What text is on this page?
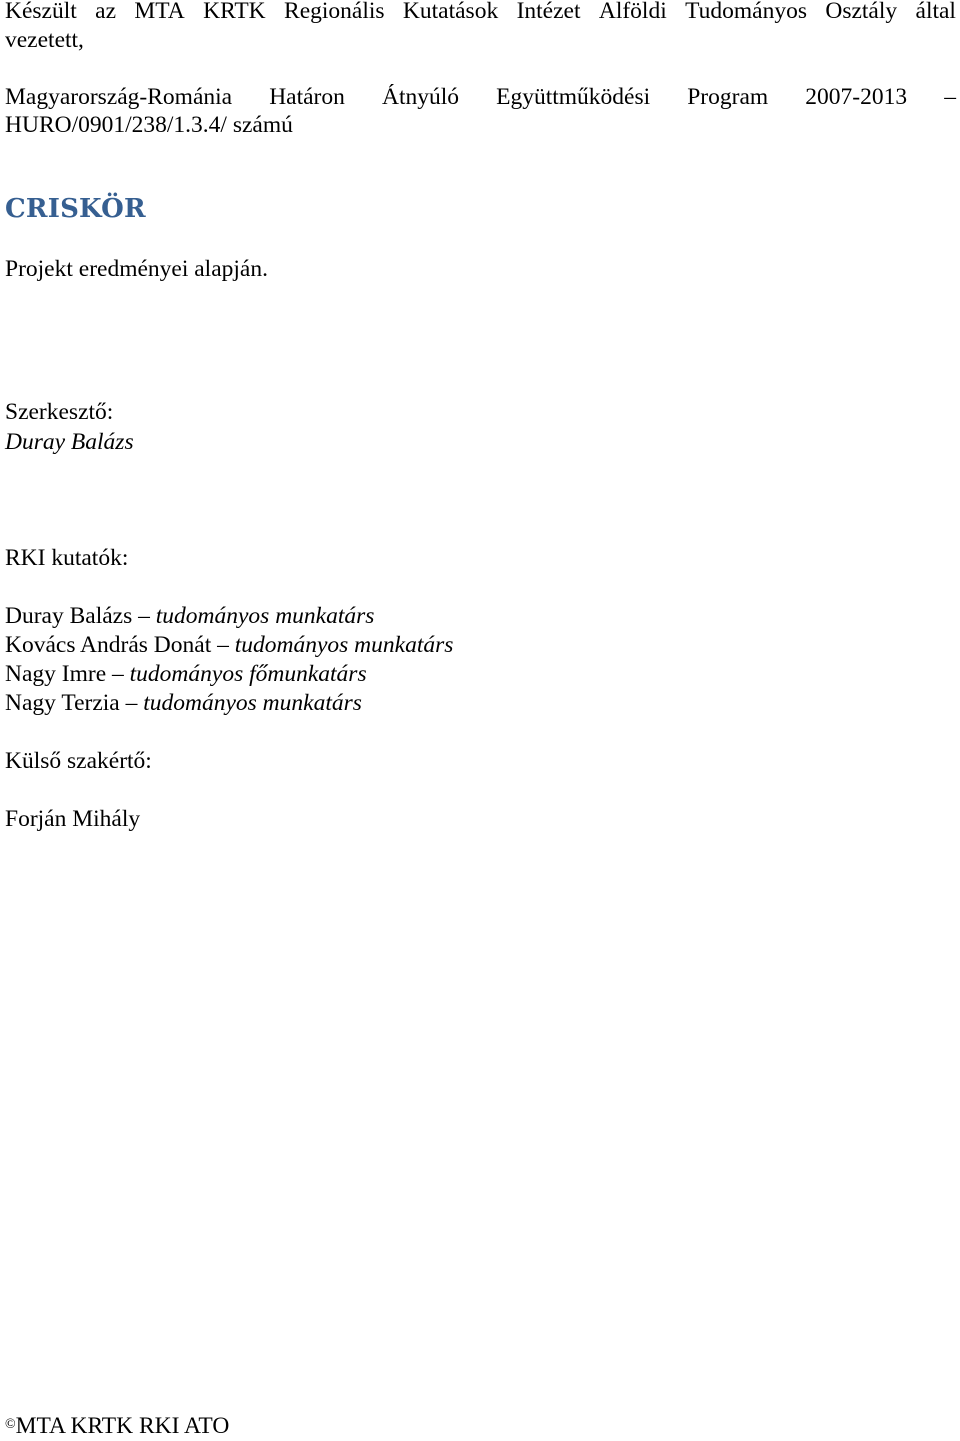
Készült az MTA KRTK Regionális Kutatások Intézet Alföldi Tudományos Osztály által
vezetett,
Magyarország-Románia Határon Átnyúló Együttműködési Program 2007-2013 –
HURO/0901/238/1.3.4/ számú
CRISKÖR
Projekt eredményei alapján.
Szerkesztő:
Duray Balázs
RKI kutatók:
Duray Balázs – tudományos munkatárs
Kovács András Donát – tudományos munkatárs
Nagy Imre – tudományos főmunkatárs
Nagy Terzia – tudományos munkatárs
Külső szakértő:
Forján Mihály
©MTA KRTK RKI ATO
